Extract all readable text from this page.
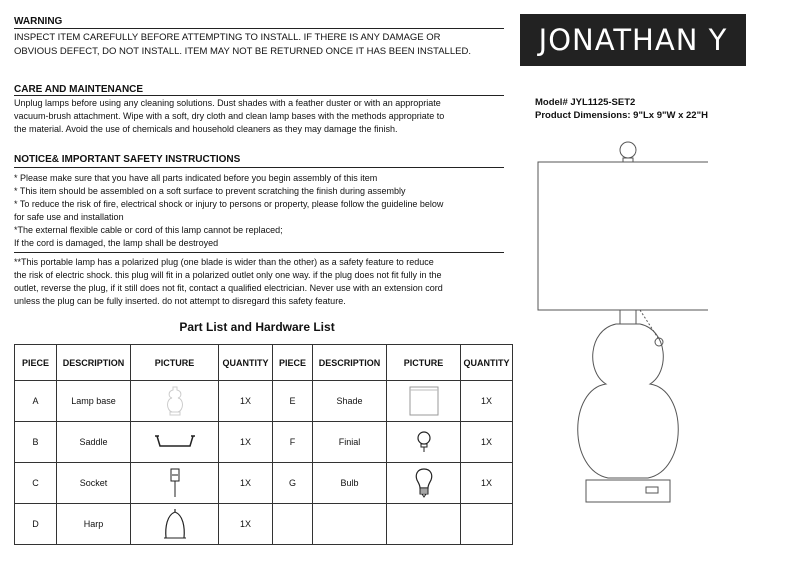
WARNING
INSPECT ITEM CAREFULLY BEFORE ATTEMPTING TO INSTALL. IF THERE IS ANY DAMAGE OR
OBVIOUS DEFECT, DO NOT INSTALL. ITEM MAY NOT BE RETURNED ONCE IT HAS BEEN INSTALLED.	JONATHAN Y
CARE AND MAINTENANCE
Unplug lamps before using any cleaning solutions. Dust shades with a feather duster or with an appropriate
vacuum-brush attachment. Wipe with a soft, dry cloth and clean lamp bases with the methods appropriate to
the material. Avoid the use of chemicals and household cleaners as they may damage the finish.
NOTICE& IMPORTANT SAFETY INSTRUCTIONS
* Please make sure that you have all parts indicated before you begin assembly of this item
* This item should be assembled on a soft surface to prevent scratching the finish during assembly
* To reduce the risk of fire, electrical shock or injury to persons or property, please follow the guideline below
for safe use and installation
*The external flexible cable or cord of this lamp cannot be replaced;
If the cord is damaged, the lamp shall be destroyed
**This portable lamp has a polarized plug (one blade is wider than the other) as a safety feature to reduce
the risk of electric shock. this plug will fit in a polarized outlet only one way. if the plug does not fit fully in the
outlet, reverse the plug, if it still does not fit, contact a qualified electrician. Never use with an extension cord
unless the plug can be fully inserted. do not attempt to disregard this safety feature.
Model# JYL1125-SET2
Product Dimensions: 9"Lx 9"W x 22"H
Part List and Hardware List
PIECE	DESCRIPTION	PICTURE	QUANTITY	PIECE	DESCRIPTION	PICTURE	QUANTITY
A	Lamp base		1X	E	Shade		1X
B	Saddle		1X	F	Finial		1X
C	Socket		1X	G	Bulb		1X
D	Harp		1X				
